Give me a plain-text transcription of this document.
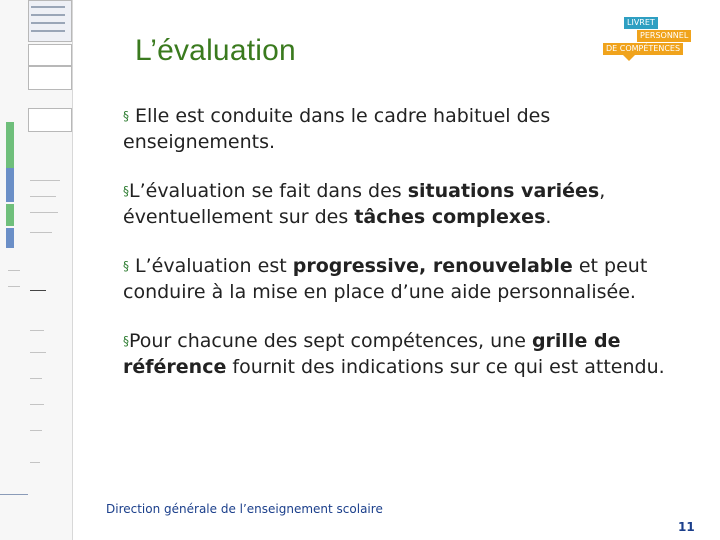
L’évaluation
LIVRET
PERSONNEL
DE COMPÉTENCES
§ Elle est conduite dans le cadre habituel des enseignements.
§L’évaluation se fait dans des situations variées, éventuellement sur des tâches complexes.
§ L’évaluation est progressive, renouvelable et peut conduire à la mise en place d’une aide personnalisée.
§Pour chacune des sept compétences, une grille de référence fournit des indications sur ce qui est attendu.
Direction générale de l’enseignement scolaire
11
